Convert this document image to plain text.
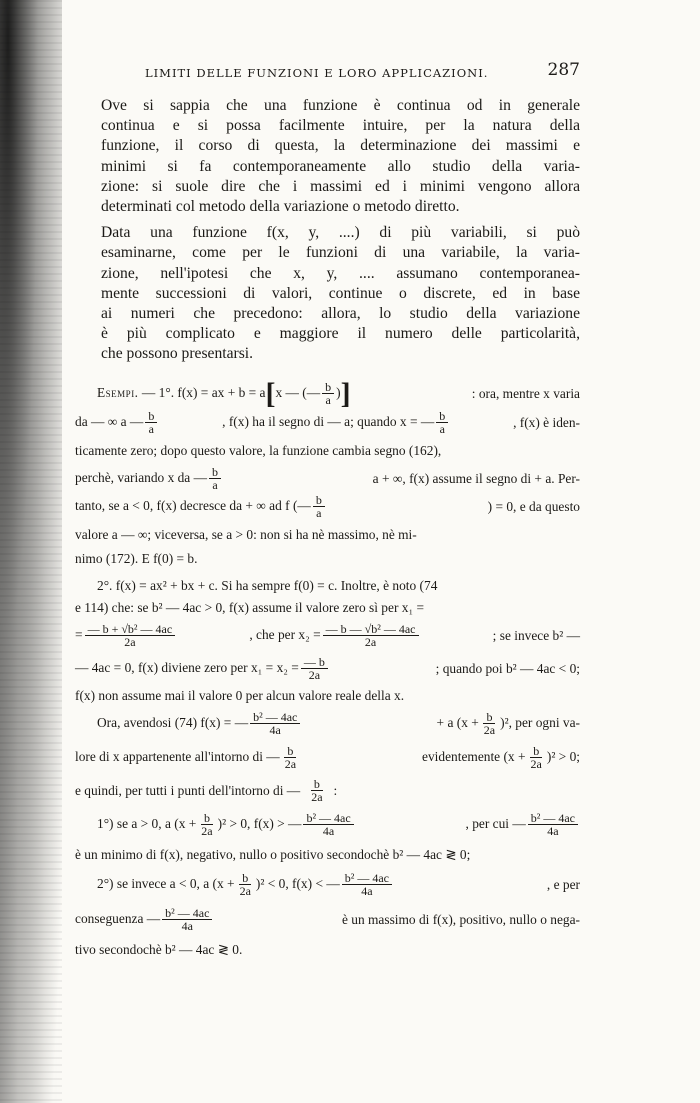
LIMITI DELLE FUNZIONI E LORO APPLICAZIONI.	287

Ove si sappia che una funzione è continua od in generale
continua e si possa facilmente intuire, per la natura della
funzione, il corso di questa, la determinazione dei massimi e
minimi si fa contemporaneamente allo studio della varia-
zione: si suole dire che i massimi ed i minimi vengono allora
determinati col metodo della variazione o metodo diretto.

Data una funzione f(x, y, ....) di più variabili, si può
esaminarne, come per le funzioni di una variabile, la varia-
zione, nell'ipotesi che x, y, .... assumano contemporanea-
mente successioni di valori, continue o discrete, ed in base
ai numeri che precedono: allora, lo studio della variazione
è più complicato e maggiore il numero delle particolarità,
che possono presentarsi.

Esempi. — 1°. f(x) = ax + b = a[x — (— $\frac{b}{a}$ )]	: ora, mentre x varia
da — ∞ a — $\frac{b}{a}$	, f(x) ha il segno di — a; quando x = — $\frac{b}{a}$	, f(x) è iden-
ticamente zero; dopo questo valore, la funzione cambia segno (162),
perchè, variando x da — $\frac{b}{a}$	a + ∞, f(x) assume il segno di + a. Per-
tanto, se a < 0, f(x) decresce da + ∞ ad f (— $\frac{b}{a}$	) = 0, e da questo
valore a — ∞; viceversa, se a > 0: non si ha nè massimo, nè mi-
nimo (172). E f(0) = b.
2°. f(x) = ax² + bx + c. Si ha sempre f(0) = c. Inoltre, è noto (74
e 114) che: se b² — 4ac > 0, f(x) assume il valore zero sì per x₁ =
= $\frac{\text{— b + √b² — 4ac}}{2a}$	, che per $x_2 = \frac{\text{— b — √b² — 4ac}}{2a}$	; se invece b² —
— 4ac = 0, f(x) diviene zero per $x_1 = x_2 = \frac{— b}{2a}$	; quando poi b² — 4ac < 0;
f(x) non assume mai il valore 0 per alcun valore reale della x.
Ora, avendosi (74) f(x) = — $\frac{\text{b² — 4ac}}{4a}$	+ a $(x + \frac{b}{2a} )^2$, per ogni va-
lore di x appartenente all'intorno di — $\frac{b}{2a}$	evidentemente $(x + \frac{b}{2a} )^2 > 0$;
e quindi, per tutti i punti dell'intorno di — $\frac{b}{2a}$ :
1°) se a > 0, a $(x + \frac{b}{2a} )^2 > 0$, f(x) > — $\frac{\text{b² — 4ac}}{4a}$	, per cui — $\frac{\text{b² — 4ac}}{4a}$
è un minimo di f(x), negativo, nullo o positivo secondochè b² — 4ac ≷ 0;
2°) se invece a < 0, a $(x + \frac{b}{2a} )^2 < 0$, f(x) < — $\frac{\text{b² — 4ac}}{4a}$	, e per
conseguenza — $\frac{\text{b² — 4ac}}{4a}$	è un massimo di f(x), positivo, nullo o nega-
tivo secondochè b² — 4ac ≷ 0.
